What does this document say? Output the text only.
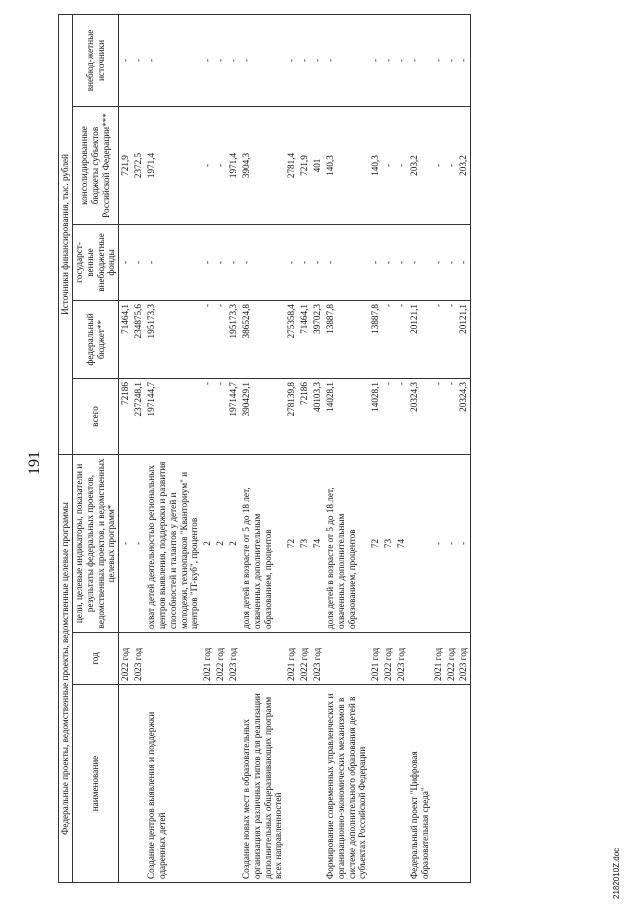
191
Федеральные проекты, ведомственные проекты, ведомственные целевые программы			Источники финансирования, тыс. рублей				
наименование	год	цели, целевые индикаторы, показатели и результаты федеральных проектов, ведомственных проектов, и ведомственных целевых программ*	всего	федеральный бюджет**	государст-венные внебюджетные фонды	консолидированные бюджеты субъектов Российской Федерации***	внебюд-жетные источники
	2022 год	-	72186	71464,1	-	721,9	-
	2023 год	-	237248,1	234875,6	-	2372,5	-
Создание центров выявления и поддержки одаренных детей		охват детей деятельностью региональных центров выявления, поддержки и развития способностей и талантов у детей и молодежи, технопарков "Кванториум" и центров "IT-куб", процентов	197144,7	195173,3	-	1971,4	-
	2021 год	2	-	-	-	-	-
	2022 год	2	-	-	-	-	-
	2023 год	2	197144,7	195173,3	-	1971,4	-
Создание новых мест в образовательных организациях различных типов для реализации дополнительных общеразвивающих программ всех направленностей		доля детей в возрасте от 5 до 18 лет, охваченных дополнительным образованием, процентов	390429,1	386524,8	-	3904,3	-
	2021 год	72	278139,8	275358,4	-	2781,4	-
	2022 год	73	72186	71464,1	-	721,9	-
	2023 год	74	40103,3	39702,3	-	401	-
Формирование современных управленческих и организационно-экономических механизмов в системе дополнительного образования детей в субъектах Российской Федерации		доля детей в возрасте от 5 до 18 лет, охваченных дополнительным образованием, процентов	14028,1	13887,8	-	140,3	-
	2021 год	72	14028,1	13887,8	-	140,3	-
	2022 год	73	-	-	-	-	-
	2023 год	74	-	-	-	-	-
Федеральный проект "Цифровая образовательная среда"			20324,3	20121,1	-	203,2	-
	2021 год	-	-	-	-	-	-
	2022 год	-	-	-	-	-	-
	2023 год	-	20324,3	20121,1	-	203,2	-
2182010Z.doc
